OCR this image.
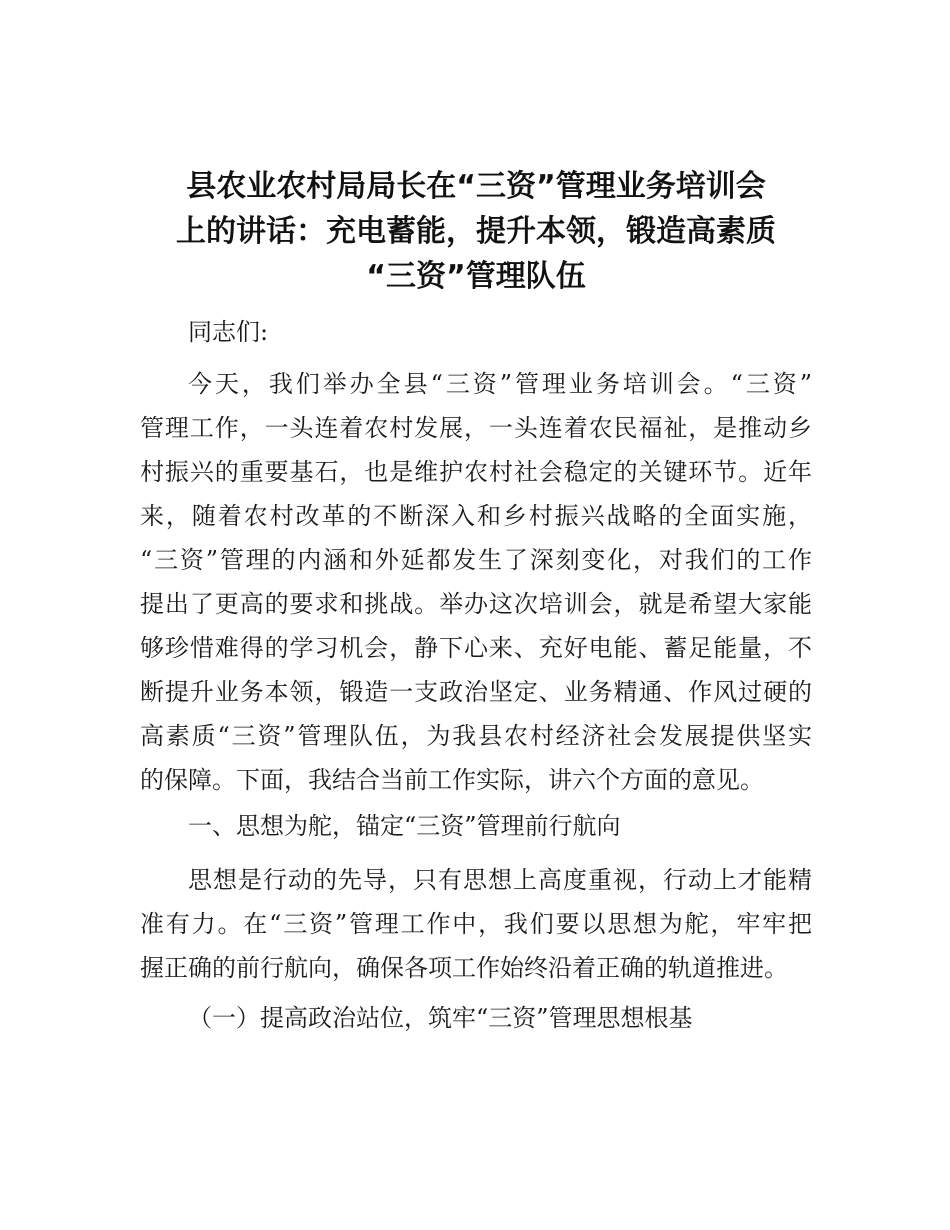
县农业农村局局长在“三资”管理业务培训会
上的讲话：充电蓄能，提升本领，锻造高素质
“三资”管理队伍

同志们:

今天，我们举办全县“三资”管理业务培训会。“三资”
管理工作，一头连着农村发展，一头连着农民福祉，是推动乡
村振兴的重要基石，也是维护农村社会稳定的关键环节。近年
来，随着农村改革的不断深入和乡村振兴战略的全面实施，
“三资”管理的内涵和外延都发生了深刻变化，对我们的工作
提出了更高的要求和挑战。举办这次培训会，就是希望大家能
够珍惜难得的学习机会，静下心来、充好电能、蓄足能量，不
断提升业务本领，锻造一支政治坚定、业务精通、作风过硬的
高素质“三资”管理队伍，为我县农村经济社会发展提供坚实
的保障。下面，我结合当前工作实际，讲六个方面的意见。

一、思想为舵，锚定“三资”管理前行航向

思想是行动的先导，只有思想上高度重视，行动上才能精
准有力。在“三资”管理工作中，我们要以思想为舵，牢牢把
握正确的前行航向，确保各项工作始终沿着正确的轨道推进。

（一）提高政治站位，筑牢“三资”管理思想根基
